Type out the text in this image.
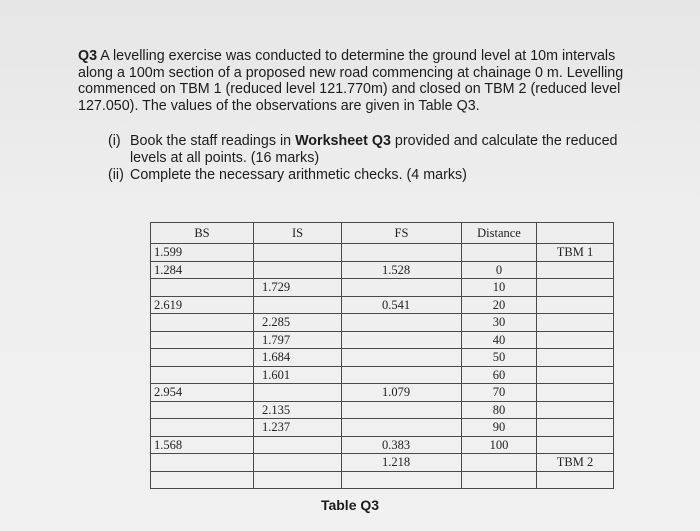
Q3 A levelling exercise was conducted to determine the ground level at 10m intervals along a 100m section of a proposed new road commencing at chainage 0 m. Levelling commenced on TBM 1 (reduced level 121.770m) and closed on TBM 2 (reduced level 127.050). The values of the observations are given in Table Q3.
(i) Book the staff readings in Worksheet Q3 provided and calculate the reduced levels at all points. (16 marks)
(ii) Complete the necessary arithmetic checks. (4 marks)
BS	IS	FS	Distance	
1.599				TBM 1
1.284		1.528	0	
	1.729		10	
2.619		0.541	20	
	2.285		30	
	1.797		40	
	1.684		50	
	1.601		60	
2.954		1.079	70	
	2.135		80	
	1.237		90	
1.568		0.383	100	
		1.218		TBM 2

Table Q3
